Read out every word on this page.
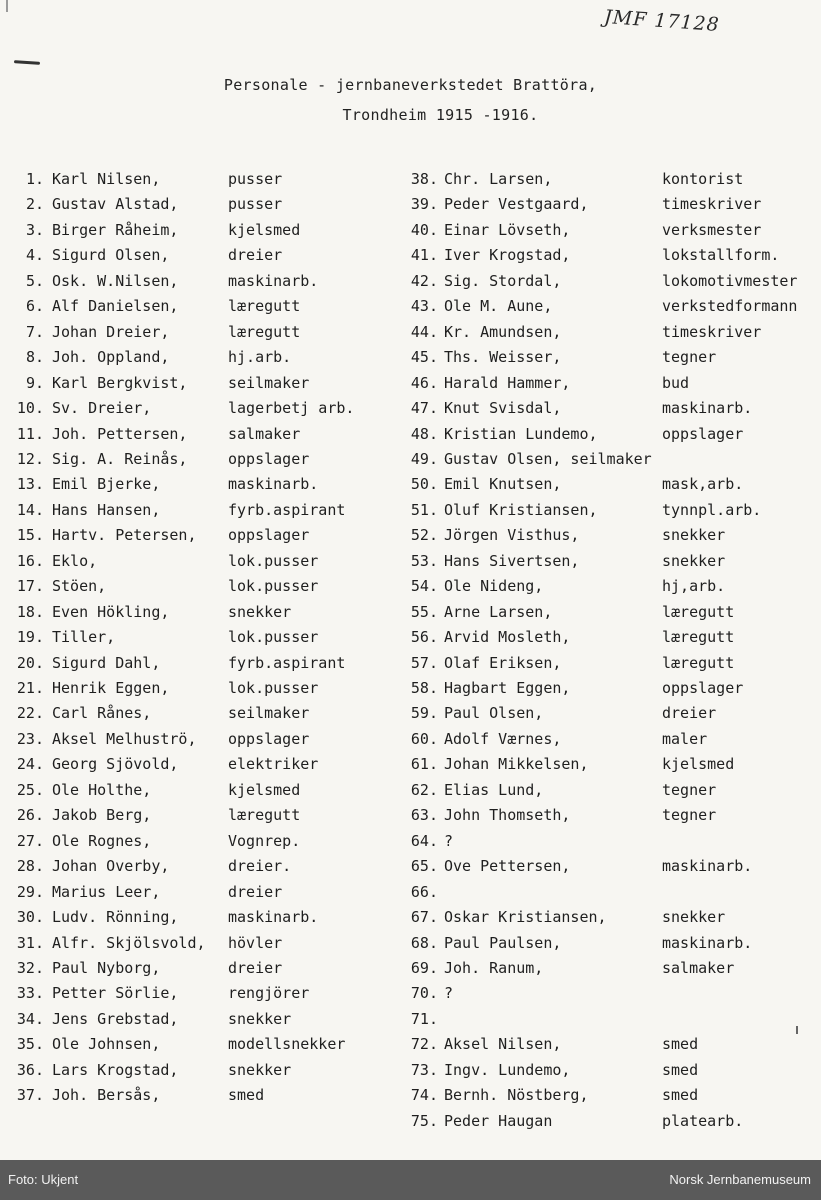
JMF 17128
Personale - jernbaneverkstedet Brattöra,
Trondheim 1915 -1916.
1. Karl Nilsen,	pusser
2. Gustav Alstad,	pusser
3. Birger Råheim,	kjelsmed
4. Sigurd Olsen,	dreier
5. Osk. W.Nilsen,	maskinarb.
6. Alf Danielsen,	læregutt
7. Johan Dreier,	læregutt
8. Joh. Oppland,	hj.arb.
9. Karl Bergkvist,	seilmaker
10. Sv. Dreier,	lagerbetj arb.
11. Joh. Pettersen,	salmaker
12. Sig. A. Reinås,	oppslager
13. Emil Bjerke,	maskinarb.
14. Hans Hansen,	fyrb.aspirant
15. Hartv. Petersen, oppslager
16. Eklo,	lok.pusser
17. Stöen,	lok.pusser
18. Even Hökling,	snekker
19. Tiller,	lok.pusser
20. Sigurd Dahl,	fyrb.aspirant
21. Henrik Eggen,	lok.pusser
22. Carl Rånes,	seilmaker
23. Aksel Melhuströ, oppslager
24. Georg Sjövold,	elektriker
25. Ole Holthe,	kjelsmed
26. Jakob Berg,	læregutt
27. Ole Rognes,	Vognrep.
28. Johan Overby,	dreier.
29. Marius Leer,	dreier
30. Ludv. Rönning,	maskinarb.
31. Alfr. Skjölsvold, hövler
32. Paul Nyborg,	dreier
33. Petter Sörlie,	rengjörer
34. Jens Grebstad,	snekker
35. Ole Johnsen,	modellsnekker
36. Lars Krogstad,	snekker
37. Joh. Bersås,	smed
38. Chr. Larsen,	kontorist
39. Peder Vestgaard,	timeskriver
40. Einar Lövseth,	verksmester
41. Iver Krogstad,	lokstallform.
42. Sig. Stordal,	lokomotivmester
43. Ole M. Aune,	verkstedformann
44. Kr. Amundsen,	timeskriver
45. Ths. Weisser,	tegner
46. Harald Hammer,	bud
47. Knut Svisdal,	maskinarb.
48. Kristian Lundemo,	oppslager
49. Gustav Olsen, seilmaker
50. Emil Knutsen,	mask,arb.
51. Oluf Kristiansen,	tynnpl.arb.
52. Jörgen Visthus,	snekker
53. Hans Sivertsen,	snekker
54. Ole Nideng,	hj,arb.
55. Arne Larsen,	læregutt
56. Arvid Mosleth,	læregutt
57. Olaf Eriksen,	læregutt
58. Hagbart Eggen,	oppslager
59. Paul Olsen,	dreier
60. Adolf Værnes,	maler
61. Johan Mikkelsen,	kjelsmed
62. Elias Lund,	tegner
63. John Thomseth,	tegner
64. ?
65. Ove Pettersen,	maskinarb.
66.
67. Oskar Kristiansen,	snekker
68. Paul Paulsen,	maskinarb.
69. Joh. Ranum,	salmaker
70. ?
71.
72. Aksel Nilsen,	smed
73. Ingv. Lundemo,	smed
74. Bernh. Nöstberg,	smed
75. Peder Haugan	platearb.
Foto: Ukjent	Norsk Jernbanemuseum
